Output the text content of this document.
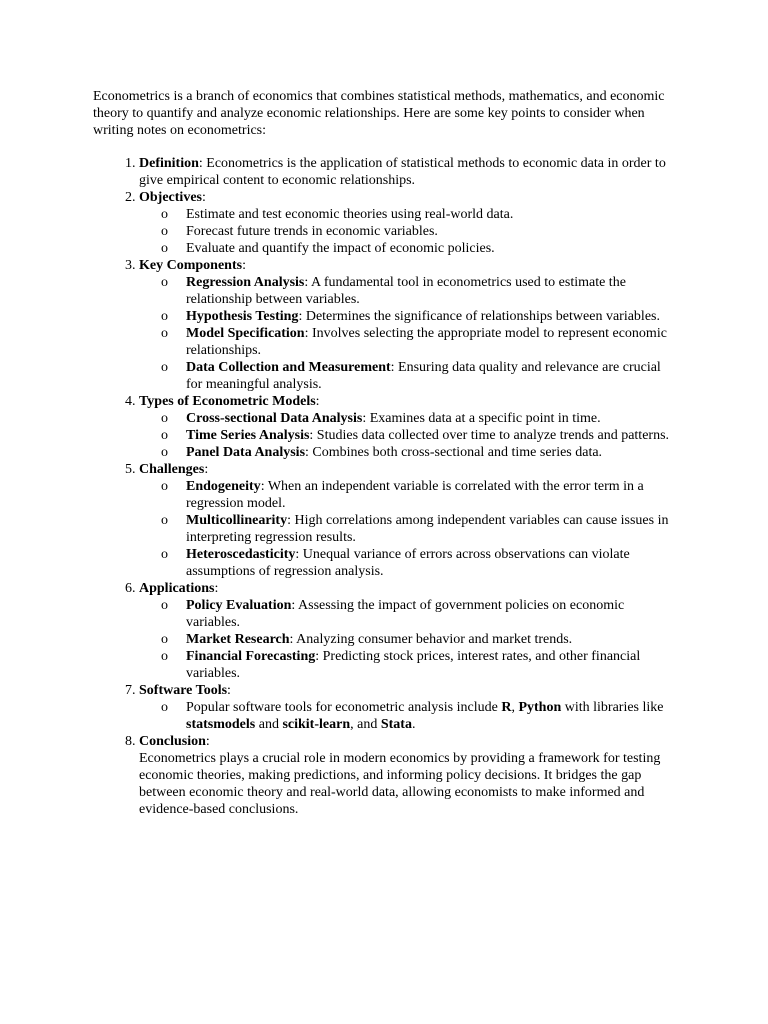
Econometrics is a branch of economics that combines statistical methods, mathematics, and economic theory to quantify and analyze economic relationships. Here are some key points to consider when writing notes on econometrics:

1. Definition: Econometrics is the application of statistical methods to economic data in order to give empirical content to economic relationships.
2. Objectives:
o Estimate and test economic theories using real-world data.
o Forecast future trends in economic variables.
o Evaluate and quantify the impact of economic policies.
3. Key Components:
o Regression Analysis: A fundamental tool in econometrics used to estimate the relationship between variables.
o Hypothesis Testing: Determines the significance of relationships between variables.
o Model Specification: Involves selecting the appropriate model to represent economic relationships.
o Data Collection and Measurement: Ensuring data quality and relevance are crucial for meaningful analysis.
4. Types of Econometric Models:
o Cross-sectional Data Analysis: Examines data at a specific point in time.
o Time Series Analysis: Studies data collected over time to analyze trends and patterns.
o Panel Data Analysis: Combines both cross-sectional and time series data.
5. Challenges:
o Endogeneity: When an independent variable is correlated with the error term in a regression model.
o Multicollinearity: High correlations among independent variables can cause issues in interpreting regression results.
o Heteroscedasticity: Unequal variance of errors across observations can violate assumptions of regression analysis.
6. Applications:
o Policy Evaluation: Assessing the impact of government policies on economic variables.
o Market Research: Analyzing consumer behavior and market trends.
o Financial Forecasting: Predicting stock prices, interest rates, and other financial variables.
7. Software Tools:
o Popular software tools for econometric analysis include R, Python with libraries like statsmodels and scikit-learn, and Stata.
8. Conclusion:
Econometrics plays a crucial role in modern economics by providing a framework for testing economic theories, making predictions, and informing policy decisions. It bridges the gap between economic theory and real-world data, allowing economists to make informed and evidence-based conclusions.
